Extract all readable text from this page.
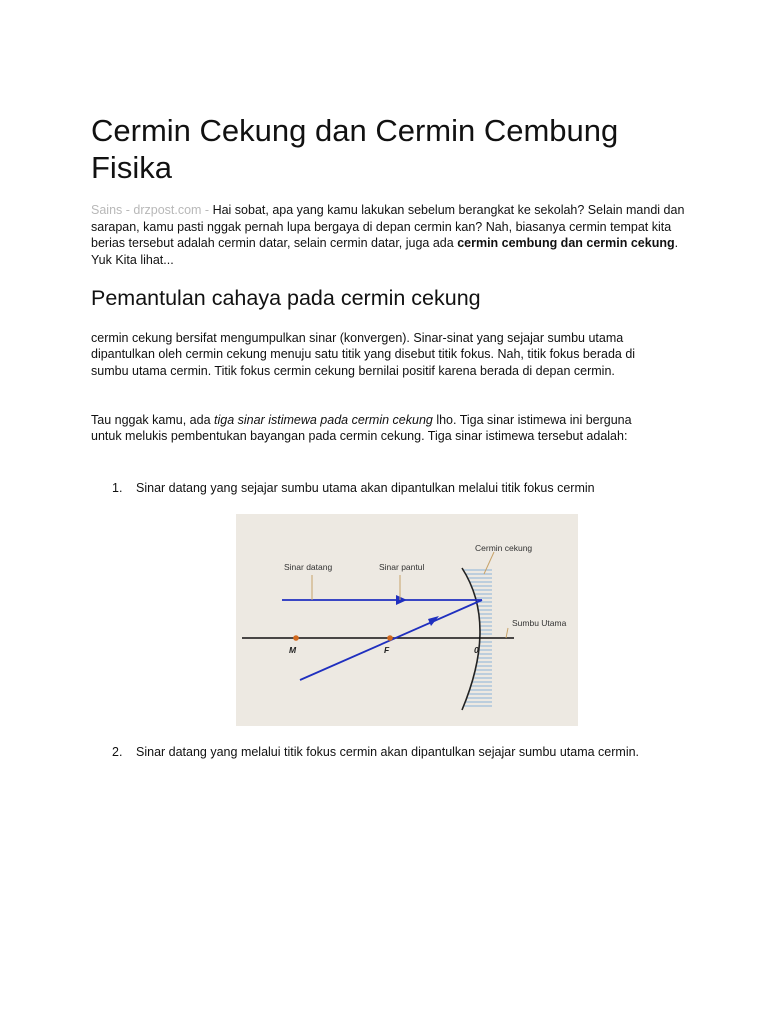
Cermin Cekung dan Cermin Cembung Fisika
Sains - drzpost.com - Hai sobat, apa yang kamu lakukan sebelum berangkat ke sekolah? Selain mandi dan sarapan, kamu pasti nggak pernah lupa bergaya di depan cermin kan? Nah, biasanya cermin tempat kita berias tersebut adalah cermin datar, selain cermin datar, juga ada cermin cembung dan cermin cekung. Yuk Kita lihat...
Pemantulan cahaya pada cermin cekung
cermin cekung bersifat mengumpulkan sinar (konvergen). Sinar-sinat yang sejajar sumbu utama dipantulkan oleh cermin cekung menuju satu titik yang disebut titik fokus. Nah, titik fokus berada di sumbu utama cermin. Titik fokus cermin cekung bernilai positif karena berada di depan cermin.
Tau nggak kamu, ada tiga sinar istimewa pada cermin cekung lho. Tiga sinar istimewa ini berguna untuk melukis pembentukan bayangan pada cermin cekung. Tiga sinar istimewa tersebut adalah:
1. Sinar datang yang sejajar sumbu utama akan dipantulkan melalui titik fokus cermin
Sinar datang	Sinar pantul
Cermin cekung
Sumbu Utama
M	F	0
2. Sinar datang yang melalui titik fokus cermin akan dipantulkan sejajar sumbu utama cermin.
